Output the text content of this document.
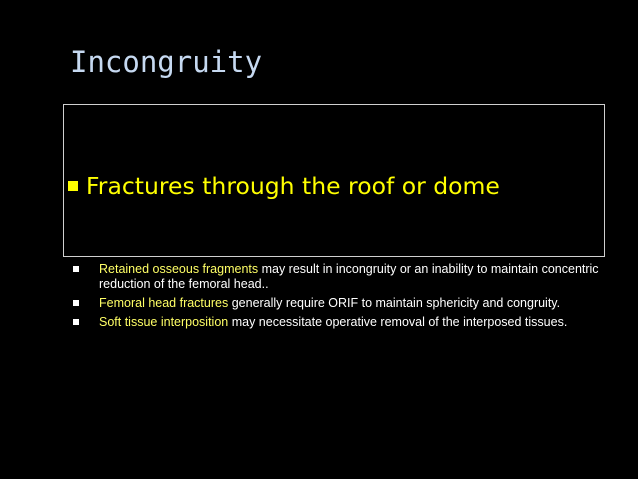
Incongruity
Fractures through the roof or dome
Retained osseous fragments may result in incongruity or an inability to maintain concentric reduction of the femoral head..
Femoral head fractures generally require ORIF to maintain sphericity and congruity.
Soft tissue interposition may necessitate operative removal of the interposed tissues.
